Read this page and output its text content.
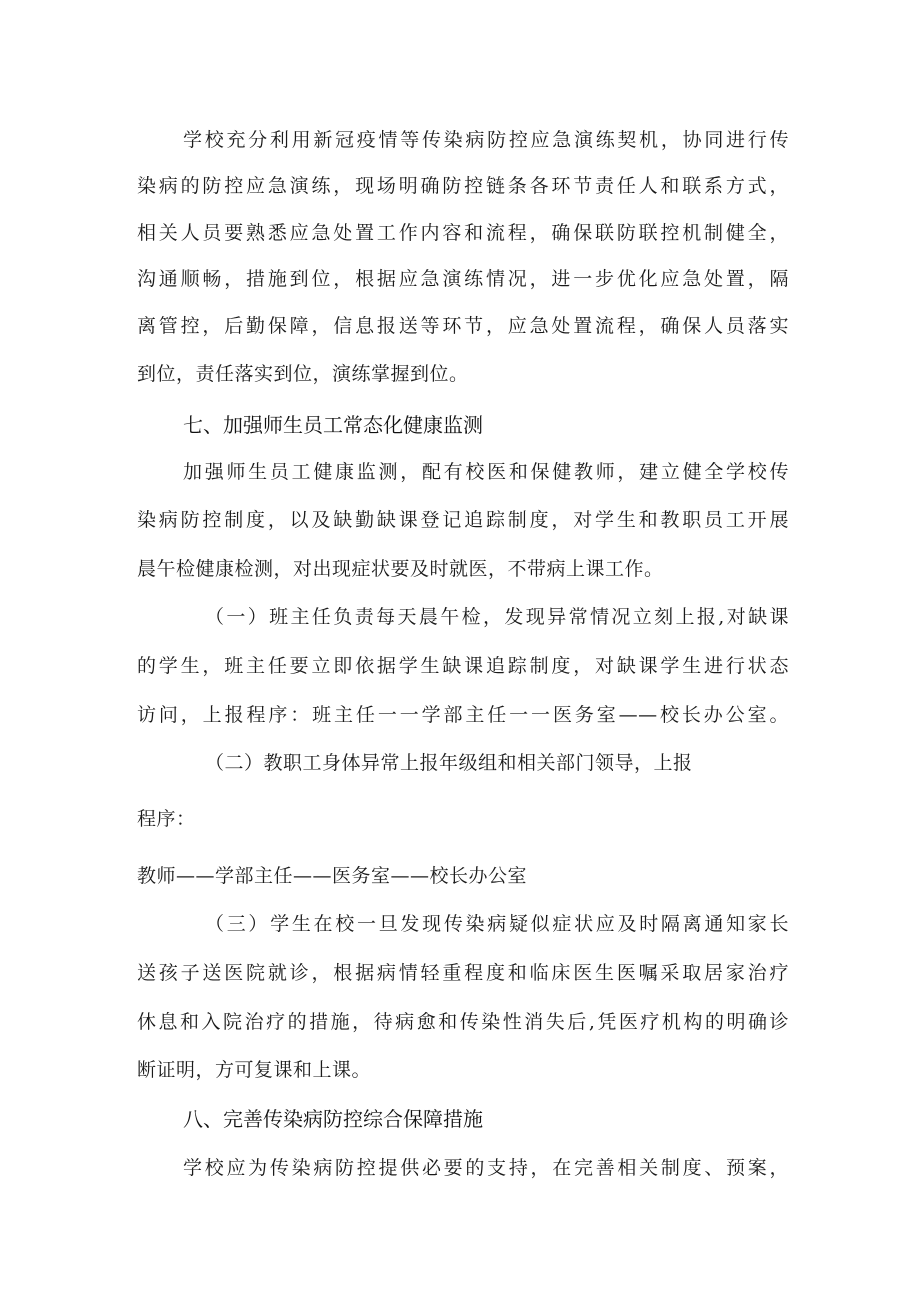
学校充分利用新冠疫情等传染病防控应急演练契机，协同进行传
染病的防控应急演练，现场明确防控链条各环节责任人和联系方式，
相关人员要熟悉应急处置工作内容和流程，确保联防联控机制健全，
沟通顺畅，措施到位，根据应急演练情况，进一步优化应急处置，隔
离管控，后勤保障，信息报送等环节，应急处置流程，确保人员落实
到位，责任落实到位，演练掌握到位。
七、加强师生员工常态化健康监测
加强师生员工健康监测，配有校医和保健教师，建立健全学校传
染病防控制度，以及缺勤缺课登记追踪制度，对学生和教职员工开展
晨午检健康检测，对出现症状要及时就医，不带病上课工作。
（一）班主任负责每天晨午检，发现异常情况立刻上报,对缺课
的学生，班主任要立即依据学生缺课追踪制度，对缺课学生进行状态
访问，上报程序：班主任一一学部主任一一医务室——校长办公室。
（二）教职工身体异常上报年级组和相关部门领导，上报
程序：
教师——学部主任——医务室——校长办公室
（三）学生在校一旦发现传染病疑似症状应及时隔离通知家长
送孩子送医院就诊，根据病情轻重程度和临床医生医嘱采取居家治疗
休息和入院治疗的措施，待病愈和传染性消失后,凭医疗机构的明确诊
断证明，方可复课和上课。
八、完善传染病防控综合保障措施
学校应为传染病防控提供必要的支持，在完善相关制度、预案，
